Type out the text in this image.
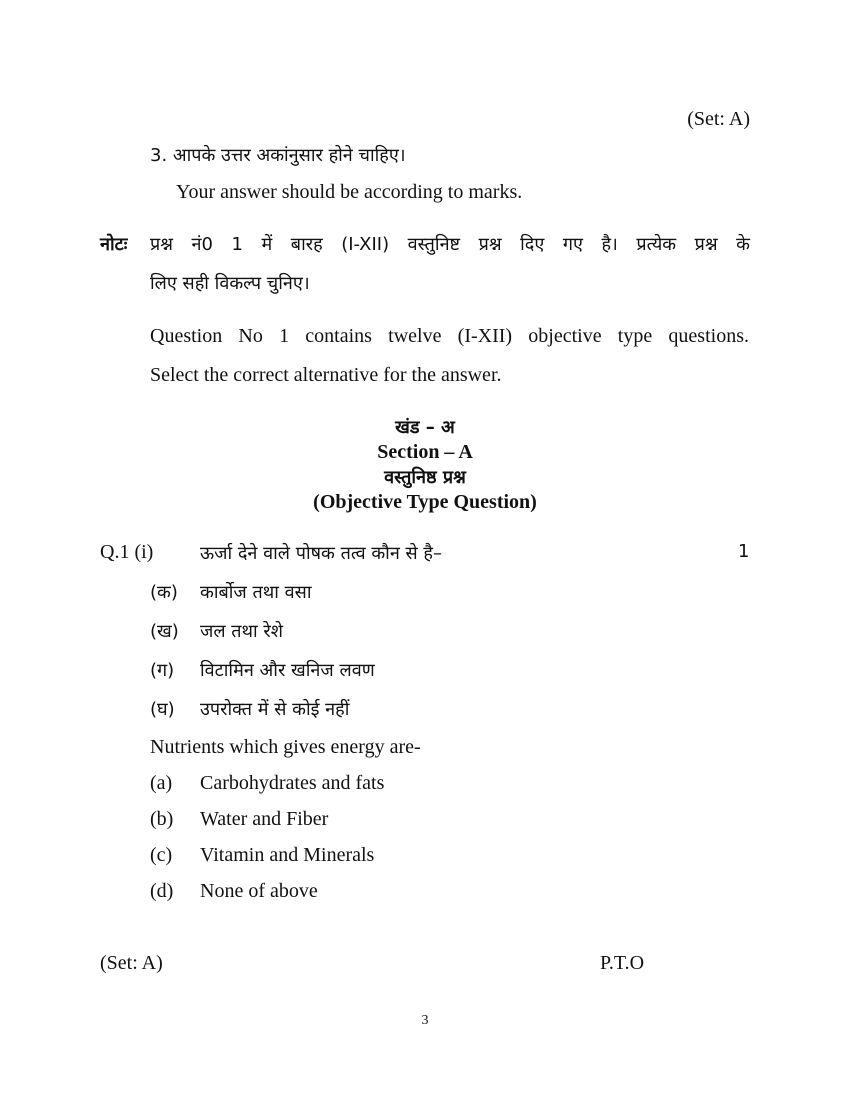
(Set: A)
3. आपके उत्तर अकांनुसार होने चाहिए।
Your answer should be according to marks.
नोटः प्रश्न नं0 1 में बारह (I-XII) वस्तुनिष्ट प्रश्न दिए गए है। प्रत्येक प्रश्न के
लिए सही विकल्प चुनिए।
Question No 1 contains twelve (I-XII) objective type questions.
Select the correct alternative for the answer.
खंड – अ
Section – A
वस्तुनिष्ठ प्रश्न
(Objective Type Question)
Q.1 (i)	ऊर्जा देने वाले पोषक तत्व कौन से है–	1
(क) कार्बोज तथा वसा
(ख) जल तथा रेशे
(ग) विटामिन और खनिज लवण
(घ) उपरोक्त में से कोई नहीं
Nutrients which gives energy are-
(a) Carbohydrates and fats
(b) Water and Fiber
(c) Vitamin and Minerals
(d) None of above
(Set: A)	P.T.O
3
